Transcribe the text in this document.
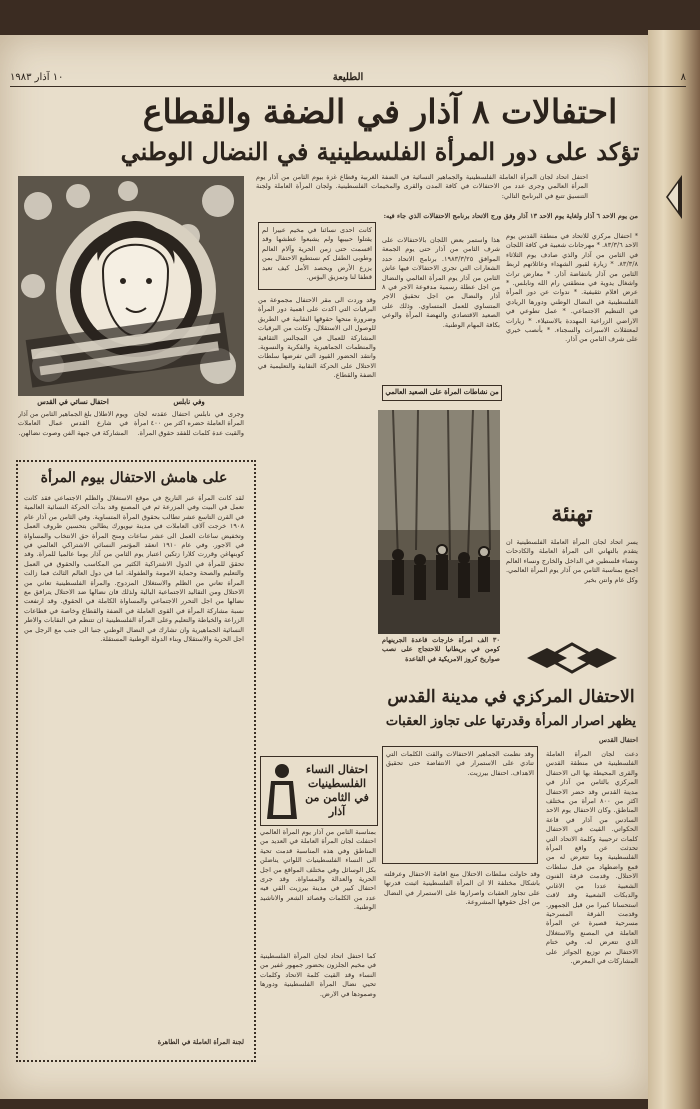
١٠ آذار ١٩٨٣	الطليعة	٨
احتفالات ٨ آذار في الضفة والقطاع
تؤكد على دور المرأة الفلسطينية في النضال الوطني
احتفل اتحاد لجان المرأة العاملة الفلسطينية والجماهير النسائية في الضفة الغربية وقطاع غزة بيوم الثامن من آذار يوم المرأة العالمي وجرى عدد من الاحتفالات في كافة المدن والقرى والمخيمات الفلسطينية. ولجان المرأة العاملة ولجنة التنسيق تتبع في البرنامج التالي:
من يوم الاحد ٦ آذار ولغاية يوم الاحد ١٣ آذار وفق ورج الاتحاد برنامج الاحتفالات الذي جاء فيه:
احتفال نسائي في القدس	وفي نابلس
ويوم الاطلال بلغ الجماهير الثامن من آذار في شارع القدس عمال العاملات المشاركة في جبهة الفن وصوت نضالهن.
وجرى في نابلس احتفال عقدته لجان المرأة العاملة حضره اكثر من ٤٠٠ امرأة والقيت عدة كلمات للفقد حقوق المرأة.
كانت احدى نسائنا في مخيم عبيرا لم يقتلوا حبيبها ولم يشبعوا عطشها وقد اقسمت حتى زمن الحرية وآلام العالم وطوبى الطفل كم نستطيع الاحتفال بمن يزرع الأرض ويحصد الأمل كيف تعيد قطفا لنا وتمزيق البؤس.
وقد وردت الى مقر الاحتفال مجموعة من البرقيات التي اكدت على اهمية دور المرأة وضرورة منحها حقوقها النقابية في الطريق للوصول الى الاستقلال. وكانت من البرقيات المشاركة للعمال في المجالس الثقافية والمنظمات الجماهيرية والفكرية والنسوية. وانتقد الحضور القيود التي تفرضها سلطات الاحتلال على الحركة النقابية والتعليمية في الضفة والقطاع.
هذا واستمر بعض اللجان بالاحتفالات على شرف الثامن من آذار حتى يوم الجمعة الموافق ١٩٨٣/٣/٢٥. برنامج الاتحاد حدد الشعارات التي تجري الاحتفالات فيها عاش الثامن من آذار يوم المرأة العالمي والنضال من اجل عطلة رسمية مدفوعة الاجر في ٨ آذار والنضال من اجل تحقيق الاجر المتساوي للعمل المتساوي. وذلك على الصعيد الاقتصادي والنهضة المرأة والوعي بكافة المهام الوطنية.
* احتفال مركزي للاتحاد في منطقة القدس يوم الاحد ٨٣/٣/٦. * مهرجانات شعبية في كافة اللجان في الثامن من آذار والذي صادف يوم الثلاثاء ٨٣/٣/٨. * زيارة لقبور الشهداء وعائلاتهم لربط الثامن من آذار بانتفاضة آذار. * معارض تراث واشغال يدوية في منطقتي رام الله ونابلس. * عرض افلام تثقيفية. * ندوات عن دور المرأة الفلسطينية في النضال الوطني ودورها الريادي في التنظيم الاجتماعي. * عمل تطوعي في الاراضي الزراعية المهددة بالاستيلاء. * زيارات لمعتقلات الاسيرات والسجناء. * بأنصب خيري على شرف الثامن من آذار.
من نشاطات المرأة على الصعيد العالمي
٣٠ الف امرأة خارجات قاعدة الجرينهام كومن في بريطانيا للاحتجاج على نصب صواريخ كروز الامريكية في القاعدة
تهنئة
يسر اتحاد لجان المرأة العاملة الفلسطينية ان يتقدم بالتهاني الى المرأة العاملة والكادحات ونساء فلسطين في الداخل والخارج ونساء العالم اجمع بمناسبة الثامن من آذار يوم المرأة العالمي. وكل عام وانتن بخير
الاحتفال المركزي في مدينة القدس
يظهر اصرار المرأة وقدرتها على تجاوز العقبات
احتفال القدس
دعت لجان المرأة العاملة الفلسطينية في منطقة القدس والقرى المحيطة بها الى الاحتفال المركزي بالثامن من آذار في مدينة القدس وقد حضر الاحتفال اكثر من ٨٠٠ امرأة من مختلف المناطق. وكان الاحتفال يوم الاحد السادس من آذار في قاعة الحكواتي. القيت في الاحتفال كلمات ترحيبية وكلمة الاتحاد التي تحدثت عن واقع المرأة الفلسطينية وما تتعرض له من قمع واضطهاد من قبل سلطات الاحتلال. وقدمت فرقة الفنون الشعبية عددا من الاغاني والدبكات الشعبية وقد لاقت استحسانا كبيرا من قبل الجمهور. وقدمت الفرقة المسرحية مسرحية قصيرة عن المرأة العاملة في المصنع والاستغلال الذي تتعرض له. وفي ختام الاحتفال تم توزيع الجوائز على المشاركات في المعرض.
وقد حاولت سلطات الاحتلال منع اقامة الاحتفال وعرقلته باشكال مختلفة الا ان المرأة الفلسطينية اثبتت قدرتها على تجاوز العقبات واصرارها على الاستمرار في النضال من اجل حقوقها المشروعة.
وقد نظمت الجماهير الاحتفالات والقت الكلمات التي تنادي على الاستمرار في الانتفاضة حتى تحقيق الاهداف. احتفال بيرزيت.
على هامش الاحتفال بيوم المرأة
لقد كانت المرأة عبر التاريخ في موقع الاستغلال والظلم الاجتماعي فقد كانت تعمل في البيت وفي المزرعة ثم في المصنع وقد بدأت الحركة النسائية العالمية في القرن التاسع عشر تطالب بحقوق المرأة المتساوية. وفي الثامن من آذار عام ١٩٠٨ خرجت آلاف العاملات في مدينة نيويورك يطالبن بتحسين ظروف العمل وتخفيض ساعات العمل الى عشر ساعات ومنح المرأة حق الانتخاب والمساواة في الاجور. وفي عام ١٩١٠ انعقد المؤتمر النسائي الاشتراكي العالمي في كوبنهاغن وقررت كلارا زتكين اعتبار يوم الثامن من آذار يوما عالميا للمرأة. وقد تحقق للمرأة في الدول الاشتراكية الكثير من المكاسب والحقوق في العمل والتعليم والصحة وحماية الامومة والطفولة. اما في دول العالم الثالث فما زالت المرأة تعاني من الظلم والاستغلال المزدوج. والمرأة الفلسطينية تعاني من الاحتلال ومن التقاليد الاجتماعية البالية ولذلك فان نضالها ضد الاحتلال يترافق مع نضالها من اجل التحرر الاجتماعي والمساواة الكاملة في الحقوق. وقد ارتفعت نسبة مشاركة المرأة في القوى العاملة في الضفة والقطاع وخاصة في قطاعات الزراعة والخياطة والتعليم وعلى المرأة الفلسطينية ان تتنظم في النقابات والاطر النسائية الجماهيرية وان تشارك في النضال الوطني جنبا الى جنب مع الرجل من اجل الحرية والاستقلال وبناء الدولة الوطنية المستقلة.
لجنة المرأة العاملة في الطاهرة
احتفال النساء الفلسطينيات في الثامن من آذار
بمناسبة الثامن من آذار يوم المرأة العالمي احتفلت لجان المرأة العاملة في العديد من المناطق وفي هذه المناسبة قدمت تحية الى النساء الفلسطينيات اللواتي يناضلن بكل الوسائل وفي مختلف المواقع من اجل الحرية والعدالة والمساواة. وقد جرى احتفال كبير في مدينة بيرزيت القي فيه عدد من الكلمات وقصائد الشعر والاناشيد الوطنية.
كما احتفل اتحاد لجان المرأة الفلسطينية في مخيم الجلزون بحضور جمهور غفير من النساء وقد القيت كلمة الاتحاد وكلمات تحيي نضال المرأة الفلسطينية ودورها وصمودها في الارض.
